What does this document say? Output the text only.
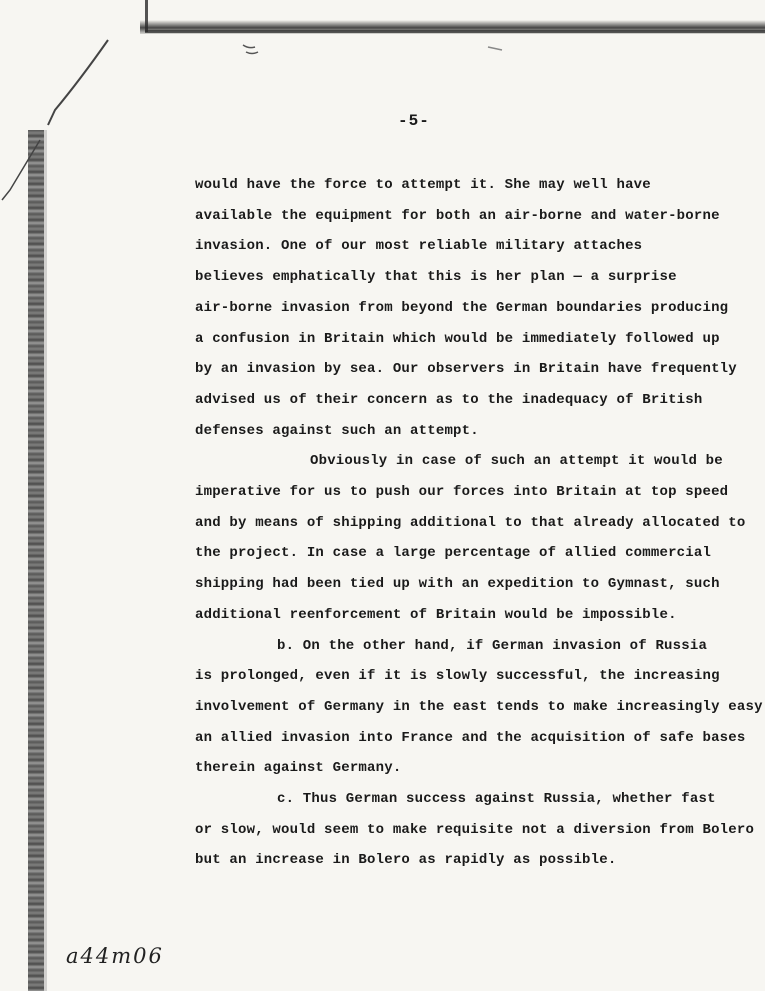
-5-
would have the force to attempt it. She may well have
available the equipment for both an air-borne and water-borne
invasion. One of our most reliable military attaches
believes emphatically that this is her plan — a surprise
air-borne invasion from beyond the German boundaries producing
a confusion in Britain which would be immediately followed up
by an invasion by sea. Our observers in Britain have frequently
advised us of their concern as to the inadequacy of British
defenses against such an attempt.
Obviously in case of such an attempt it would be
imperative for us to push our forces into Britain at top speed
and by means of shipping additional to that already allocated to
the project. In case a large percentage of allied commercial
shipping had been tied up with an expedition to Gymnast, such
additional reenforcement of Britain would be impossible.
b. On the other hand, if German invasion of Russia
is prolonged, even if it is slowly successful, the increasing
involvement of Germany in the east tends to make increasingly easy
an allied invasion into France and the acquisition of safe bases
therein against Germany.
c. Thus German success against Russia, whether fast
or slow, would seem to make requisite not a diversion from Bolero
but an increase in Bolero as rapidly as possible.
a44m06
